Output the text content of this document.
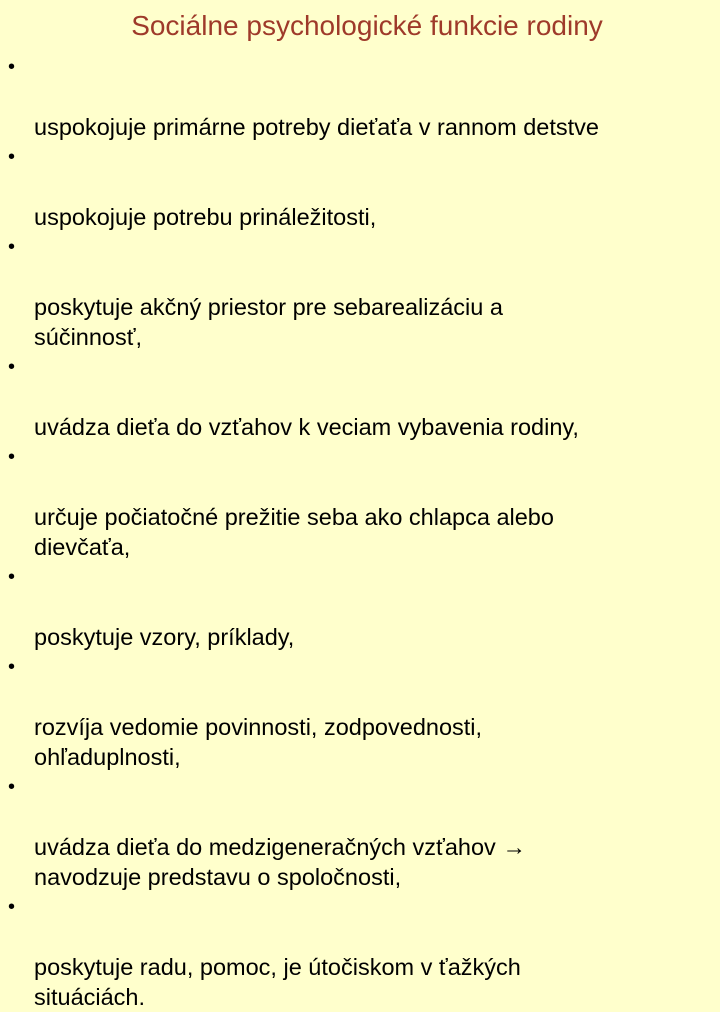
Sociálne psychologické funkcie rodiny

•

uspokojuje primárne potreby dieťaťa v rannom detstve

•

uspokojuje potrebu prináležitosti,

•

poskytuje akčný priestor pre sebarealizáciu a
súčinnosť,

•

uvádza dieťa do vzťahov k veciam vybavenia rodiny,

•

určuje počiatočné prežitie seba ako chlapca alebo
dievčaťa,

•

poskytuje vzory, príklady,

•

rozvíja vedomie povinnosti, zodpovednosti,
ohľaduplnosti,

•

uvádza dieťa do medzigeneračných vzťahov →
navodzuje predstavu o spoločnosti,

•

poskytuje radu, pomoc, je útočiskom v ťažkých
situáciách.
